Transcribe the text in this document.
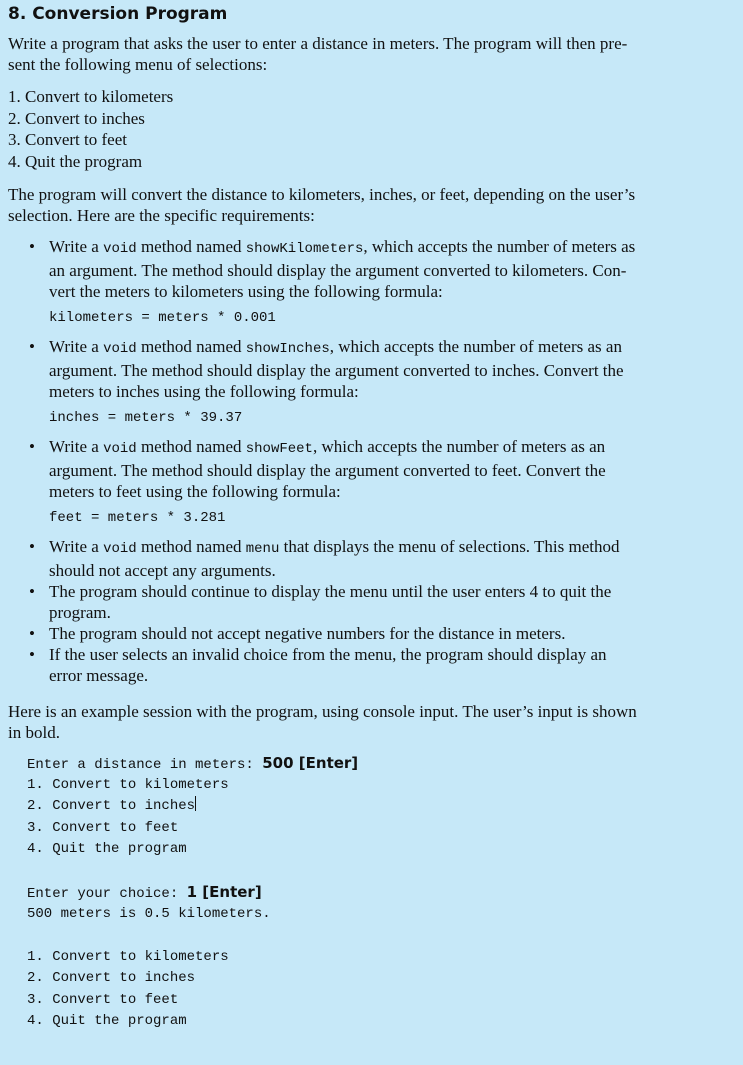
8. Conversion Program

Write a program that asks the user to enter a distance in meters. The program will then pre-
sent the following menu of selections:

1. Convert to kilometers
2. Convert to inches
3. Convert to feet
4. Quit the program

The program will convert the distance to kilometers, inches, or feet, depending on the user’s
selection. Here are the specific requirements:

• Write a void method named showKilometers, which accepts the number of meters as
an argument. The method should display the argument converted to kilometers. Con-
vert the meters to kilometers using the following formula:
kilometers = meters * 0.001
• Write a void method named showInches, which accepts the number of meters as an
argument. The method should display the argument converted to inches. Convert the
meters to inches using the following formula:
inches = meters * 39.37
• Write a void method named showFeet, which accepts the number of meters as an
argument. The method should display the argument converted to feet. Convert the
meters to feet using the following formula:
feet = meters * 3.281
• Write a void method named menu that displays the menu of selections. This method
should not accept any arguments.
• The program should continue to display the menu until the user enters 4 to quit the
program.
• The program should not accept negative numbers for the distance in meters.
• If the user selects an invalid choice from the menu, the program should display an
error message.

Here is an example session with the program, using console input. The user’s input is shown
in bold.

Enter a distance in meters: 500 [Enter]
1. Convert to kilometers
2. Convert to inches
3. Convert to feet
4. Quit the program
Enter your choice: 1 [Enter]
500 meters is 0.5 kilometers.
1. Convert to kilometers
2. Convert to inches
3. Convert to feet
4. Quit the program
